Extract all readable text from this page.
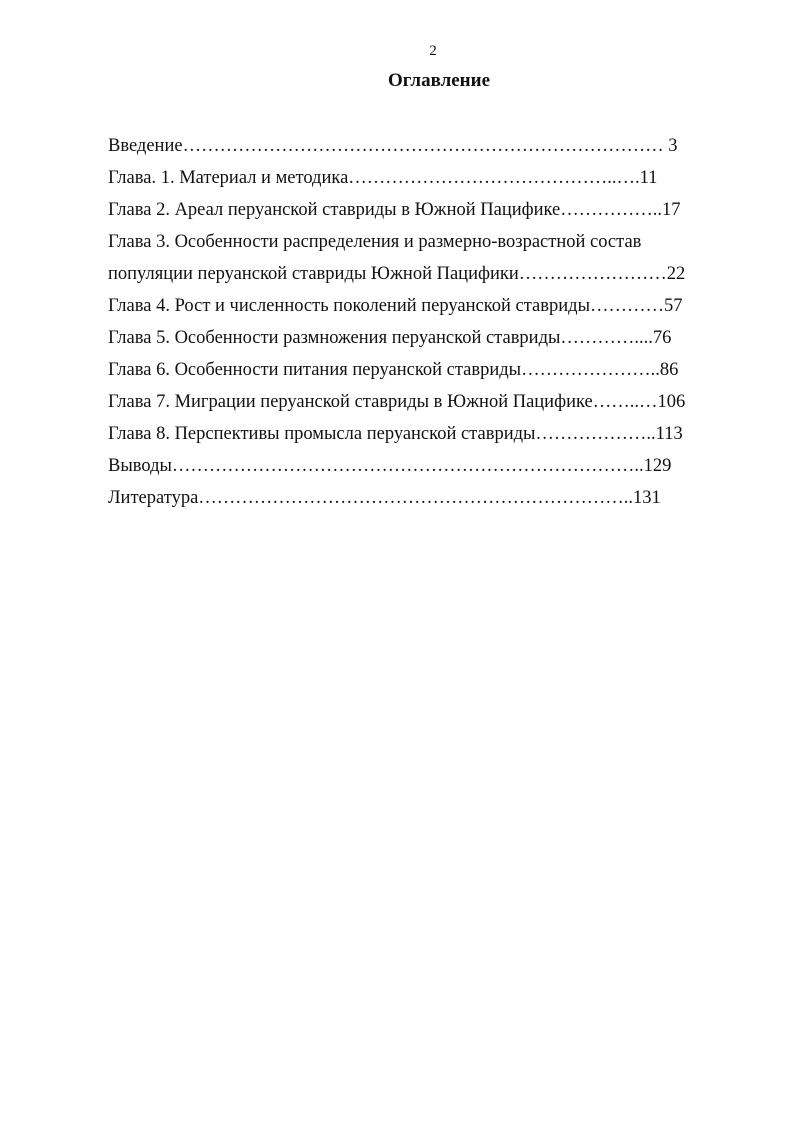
2
Оглавление
Введение…………………………………………………………………… 3
Глава. 1. Материал и методика……………………………………..….11
Глава 2. Ареал перуанской ставриды в Южной Пацифике……………..17
Глава 3. Особенности распределения и размерно-возрастной состав
популяции перуанской ставриды Южной Пацифики……………………22
Глава 4. Рост и численность поколений перуанской ставриды…………57
Глава 5. Особенности размножения перуанской ставриды…………....76
Глава 6. Особенности питания перуанской ставриды…………………..86
Глава 7. Миграции перуанской ставриды в Южной Пацифике……..…106
Глава 8. Перспективы промысла перуанской ставриды………………..113
Выводы…………………………………………………………………..129
Литература……………………………………………………………..131
